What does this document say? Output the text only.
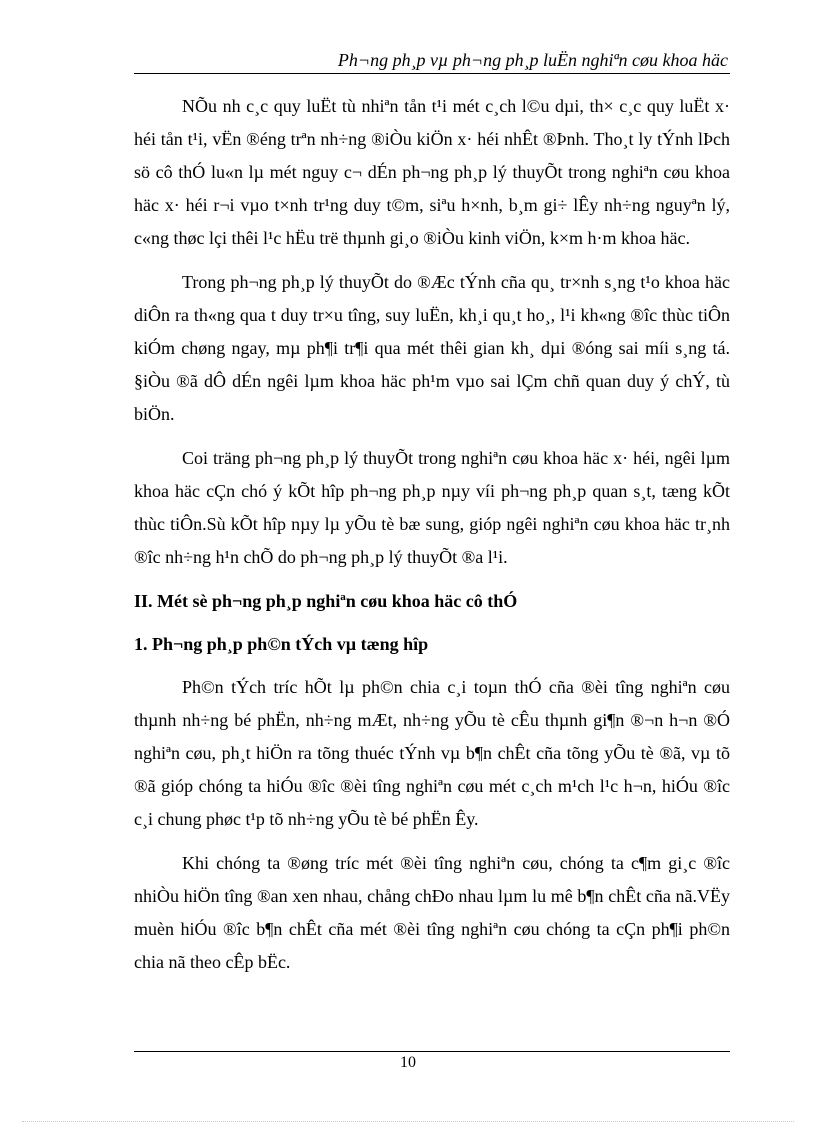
Ph¬ng ph¸p vµ ph¬ng ph¸p luËn nghiªn cøu khoa häc

NÕu nh c¸c quy luËt tù nhiªn tån t¹i mét c¸ch l©u dµi, th× c¸c quy luËt x· héi tån t¹i, vËn ®éng trªn nh÷ng ®iÒu kiÖn x· héi nhÊt ®Þnh. Tho¸t ly tÝnh lÞch sö cô thÓ lu«n lµ mét nguy c¬ dÉn ph¬ng ph¸p lý thuyÕt trong nghiªn cøu khoa häc x· héi r¬i vµo t×nh tr¹ng duy t©m, siªu h×nh, b¸m gi÷ lÊy nh÷ng nguyªn lý, c«ng thøc lçi thêi l¹c hËu trë thµnh gi¸o ®iÒu kinh viÖn, k×m h·m khoa häc.

Trong ph¬ng ph¸p lý thuyÕt do ®Æc tÝnh cña qu¸ tr×nh s¸ng t¹o khoa häc diÔn ra th«ng qua t duy tr×u tîng, suy luËn, kh¸i qu¸t ho¸, l¹i kh«ng ®îc thùc tiÔn kiÓm chøng ngay, mµ ph¶i tr¶i qua mét thêi gian kh¸ dµi ®óng sai míi s¸ng tá. §iÒu ®ã dÔ dÉn ngêi lµm khoa häc ph¹m vµo sai lÇm chñ quan duy ý chÝ, tù biÖn.

Coi träng ph¬ng ph¸p lý thuyÕt trong nghiªn cøu khoa häc x· héi, ngêi lµm khoa häc cÇn chó ý kÕt hîp ph¬ng ph¸p nµy víi ph¬ng ph¸p quan s¸t, tæng kÕt thùc tiÔn.Sù kÕt hîp nµy lµ yÕu tè bæ sung, gióp ngêi nghiªn cøu khoa häc tr¸nh ®îc nh÷ng h¹n chÕ do ph¬ng ph¸p lý thuyÕt ®a l¹i.

II. Mét sè ph¬ng ph¸p nghiªn cøu khoa häc cô thÓ
1. Ph¬ng ph¸p ph©n tÝch vµ tæng hîp

Ph©n tÝch tríc hÕt lµ ph©n chia c¸i toµn thÓ cña ®èi tîng nghiªn cøu thµnh nh÷ng bé phËn, nh÷ng mÆt, nh÷ng yÕu tè cÊu thµnh gi¶n ®¬n h¬n ®Ó nghiªn cøu, ph¸t hiÖn ra tõng thuéc tÝnh vµ b¶n chÊt cña tõng yÕu tè ®ã, vµ tõ ®ã gióp chóng ta hiÓu ®îc ®èi tîng nghiªn cøu mét c¸ch m¹ch l¹c h¬n, hiÓu ®îc c¸i chung phøc t¹p tõ nh÷ng yÕu tè bé phËn Êy.

Khi chóng ta ®øng tríc mét ®èi tîng nghiªn cøu, chóng ta c¶m gi¸c ®îc nhiÒu hiÖn tîng ®an xen nhau, chång chÐo nhau lµm lu mê b¶n chÊt cña nã.VËy muèn hiÓu ®îc b¶n chÊt cña mét ®èi tîng nghiªn cøu chóng ta cÇn ph¶i ph©n chia nã theo cÊp bËc.

10
